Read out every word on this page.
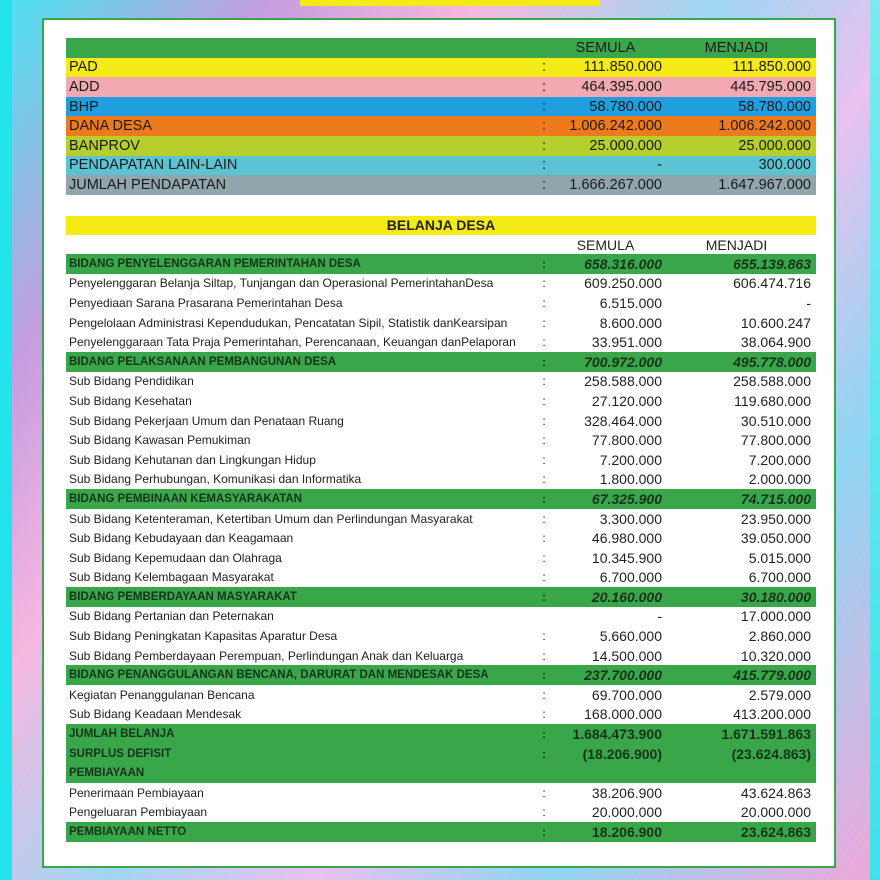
SEMULA	MENJADI
PAD	:	111.850.000	111.850.000
ADD	:	464.395.000	445.795.000
BHP	:	58.780.000	58.780.000
DANA DESA	:	1.006.242.000	1.006.242.000
BANPROV	:	25.000.000	25.000.000
PENDAPATAN LAIN-LAIN	:	-	300.000
JUMLAH PENDAPATAN	:	1.666.267.000	1.647.967.000
BELANJA DESA
SEMULA	MENJADI
BIDANG PENYELENGGARAN PEMERINTAHAN DESA	:	658.316.000	655.139.863
Penyelenggaran Belanja Siltap, Tunjangan dan Operasional PemerintahanDesa	:	609.250.000	606.474.716
Penyediaan Sarana Prasarana Pemerintahan Desa	:	6.515.000	-
Pengelolaan Administrasi Kependudukan, Pencatatan Sipil, Statistik danKearsipan	:	8.600.000	10.600.247
Penyelenggaraan Tata Praja Pemerintahan, Perencanaan, Keuangan danPelaporan	:	33.951.000	38.064.900
BIDANG PELAKSANAAN PEMBANGUNAN DESA	:	700.972.000	495.778.000
Sub Bidang Pendidikan	:	258.588.000	258.588.000
Sub Bidang Kesehatan	:	27.120.000	119.680.000
Sub Bidang Pekerjaan Umum dan Penataan Ruang	:	328.464.000	30.510.000
Sub Bidang Kawasan Pemukiman	:	77.800.000	77.800.000
Sub Bidang Kehutanan dan Lingkungan Hidup	:	7.200.000	7.200.000
Sub Bidang Perhubungan, Komunikasi dan Informatika	:	1.800.000	2.000.000
BIDANG PEMBINAAN KEMASYARAKATAN	:	67.325.900	74.715.000
Sub Bidang Ketenteraman, Ketertiban Umum dan Perlindungan Masyarakat	:	3.300.000	23.950.000
Sub Bidang Kebudayaan dan Keagamaan	:	46.980.000	39.050.000
Sub Bidang Kepemudaan dan Olahraga	:	10.345.900	5.015.000
Sub Bidang Kelembagaan Masyarakat	:	6.700.000	6.700.000
BIDANG PEMBERDAYAAN MASYARAKAT	:	20.160.000	30.180.000
Sub Bidang Pertanian dan Peternakan	-	17.000.000
Sub Bidang Peningkatan Kapasitas Aparatur Desa	:	5.660.000	2.860.000
Sub Bidang Pemberdayaan Perempuan, Perlindungan Anak dan Keluarga	:	14.500.000	10.320.000
BIDANG PENANGGULANGAN BENCANA, DARURAT DAN MENDESAK DESA	:	237.700.000	415.779.000
Kegiatan Penanggulanan Bencana	:	69.700.000	2.579.000
Sub Bidang Keadaan Mendesak	:	168.000.000	413.200.000
JUMLAH BELANJA	:	1.684.473.900	1.671.591.863
SURPLUS DEFISIT	:	(18.206.900)	(23.624.863)
PEMBIAYAAN
Penerimaan Pembiayaan	:	38.206.900	43.624.863
Pengeluaran Pembiayaan	:	20.000.000	20.000.000
PEMBIAYAAN NETTO	:	18.206.900	23.624.863
